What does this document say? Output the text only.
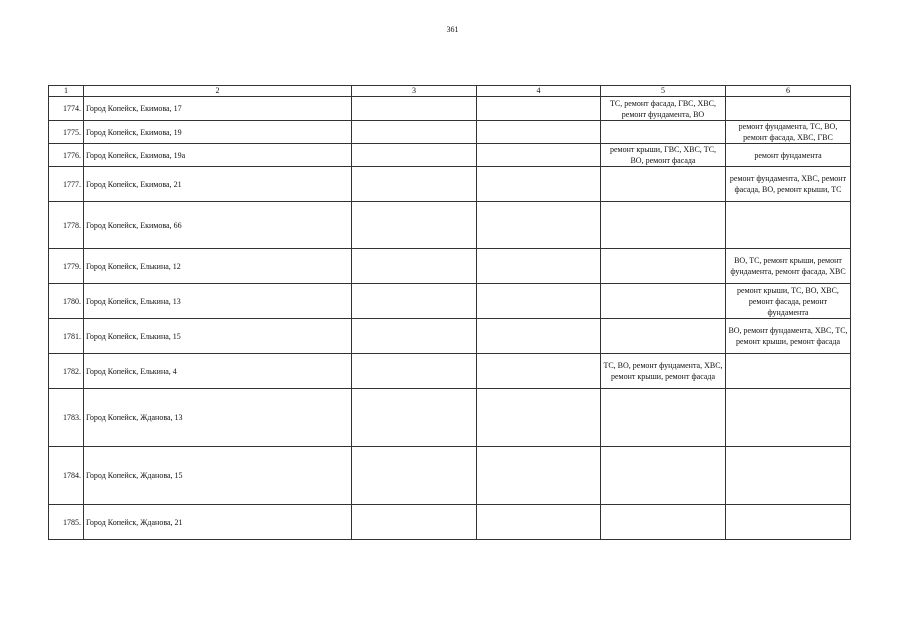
361
1	2	3	4	5	6
1774.	Город Копейск, Екимова, 17			ТС, ремонт фасада, ГВС, ХВС, ремонт фундамента, ВО	
1775.	Город Копейск, Екимова, 19				ремонт фундамента, ТС, ВО, ремонт фасада, ХВС, ГВС
1776.	Город Копейск, Екимова, 19а			ремонт крыши, ГВС, ХВС, ТС, ВО, ремонт фасада	ремонт фундамента
1777.	Город Копейск, Екимова, 21				ремонт фундамента, ХВС, ремонт фасада, ВО, ремонт крыши, ТС
1778.	Город Копейск, Екимова, 66				
1779.	Город Копейск, Елькина, 12				ВО, ТС, ремонт крыши, ремонт фундамента, ремонт фасада, ХВС
1780.	Город Копейск, Елькина, 13				ремонт крыши, ТС, ВО, ХВС, ремонт фасада, ремонт фундамента
1781.	Город Копейск, Елькина, 15				ВО, ремонт фундамента, ХВС, ТС, ремонт крыши, ремонт фасада
1782.	Город Копейск, Елькина, 4			ТС, ВО, ремонт фундамента, ХВС, ремонт крыши, ремонт фасада	
1783.	Город Копейск, Жданова, 13				
1784.	Город Копейск, Жданова, 15				
1785.	Город Копейск, Жданова, 21				
